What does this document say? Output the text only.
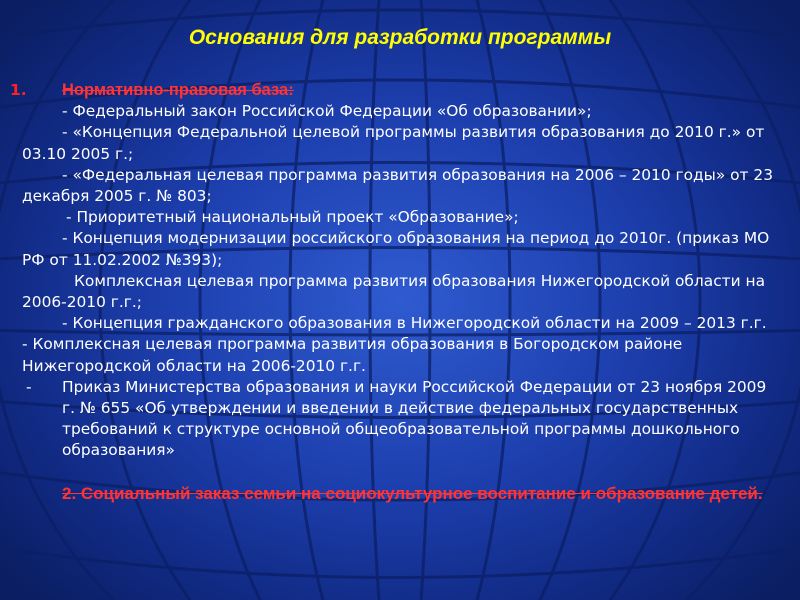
Основания для разработки программы
1.	Нормативно-правовая база:

- Федеральный закон Российской Федерации «Об образовании»;

- «Концепция Федеральной целевой программы развития образования до 2010 г.» от 03.10 2005 г.;

- «Федеральная целевая программа развития образования на 2006 – 2010 годы» от 23 декабря 2005 г. № 803;

- Приоритетный национальный проект «Образование»;

- Концепция модернизации российского образования на период до 2010г. (приказ МО РФ от 11.02.2002 №393);

Комплексная целевая программа развития образования Нижегородской области на 2006-2010 г.г.;

- Концепция гражданского образования в Нижегородской области на 2009 – 2013 г.г.

- Комплексная целевая программа развития образования в Богородском районе Нижегородской области на 2006-2010 г.г.

- Приказ Министерства образования и науки Российской Федерации от 23 ноября 2009 г. № 655 «Об утверждении и введении в действие федеральных государственных требований к структуре основной общеобразовательной программы дошкольного образования»

2. Социальный заказ семьи на социокультурное воспитание и образование детей.
